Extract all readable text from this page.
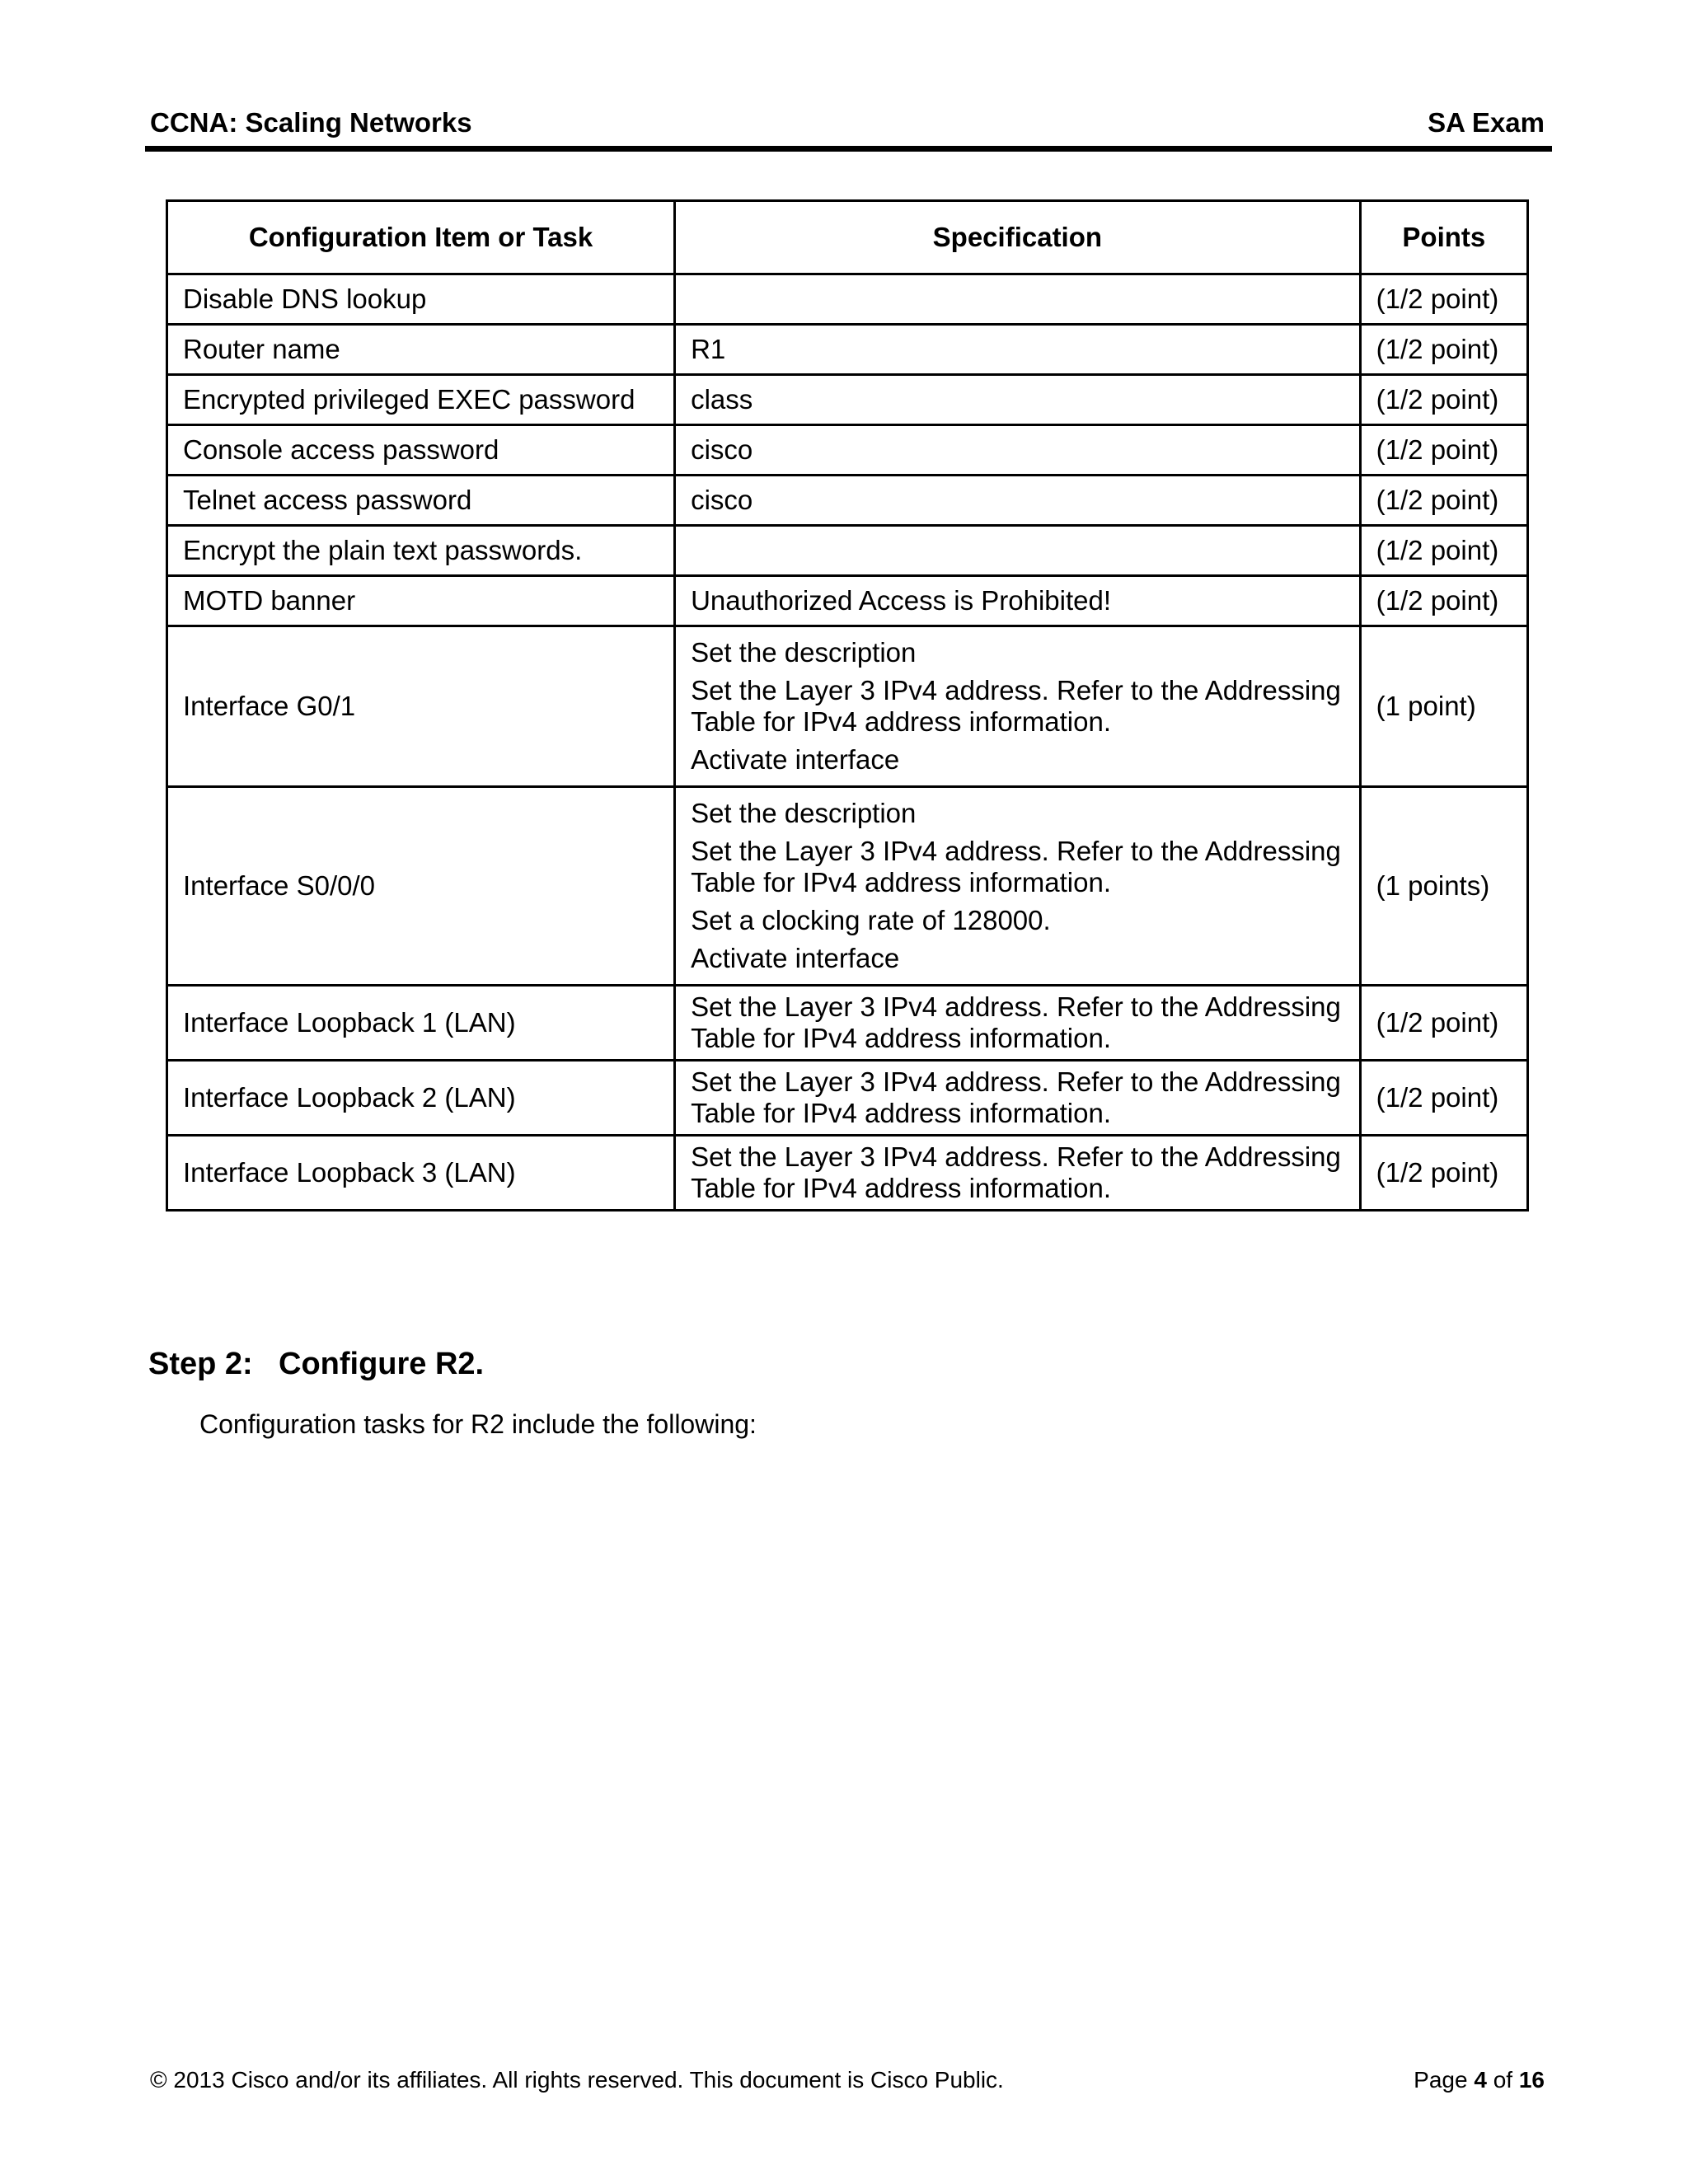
CCNA: Scaling Networks	SA Exam
Configuration Item or Task	Specification	Points
Disable DNS lookup		(1/2 point)
Router name	R1	(1/2 point)
Encrypted privileged EXEC password	class	(1/2 point)
Console access password	cisco	(1/2 point)
Telnet access password	cisco	(1/2 point)
Encrypt the plain text passwords.		(1/2 point)
MOTD banner	Unauthorized Access is Prohibited!	(1/2 point)
Interface G0/1	Set the description
Set the Layer 3 IPv4 address. Refer to the Addressing Table for IPv4 address information.
Activate interface	(1 point)
Interface S0/0/0	Set the description
Set the Layer 3 IPv4 address. Refer to the Addressing Table for IPv4 address information.
Set a clocking rate of 128000.
Activate interface	(1 points)
Interface Loopback 1 (LAN)	Set the Layer 3 IPv4 address. Refer to the Addressing Table for IPv4 address information.	(1/2 point)
Interface Loopback 2 (LAN)	Set the Layer 3 IPv4 address. Refer to the Addressing Table for IPv4 address information.	(1/2 point)
Interface Loopback 3 (LAN)	Set the Layer 3 IPv4 address. Refer to the Addressing Table for IPv4 address information.	(1/2 point)
Step 2: Configure R2.
Configuration tasks for R2 include the following:
© 2013 Cisco and/or its affiliates. All rights reserved. This document is Cisco Public.	Page 4 of 16
